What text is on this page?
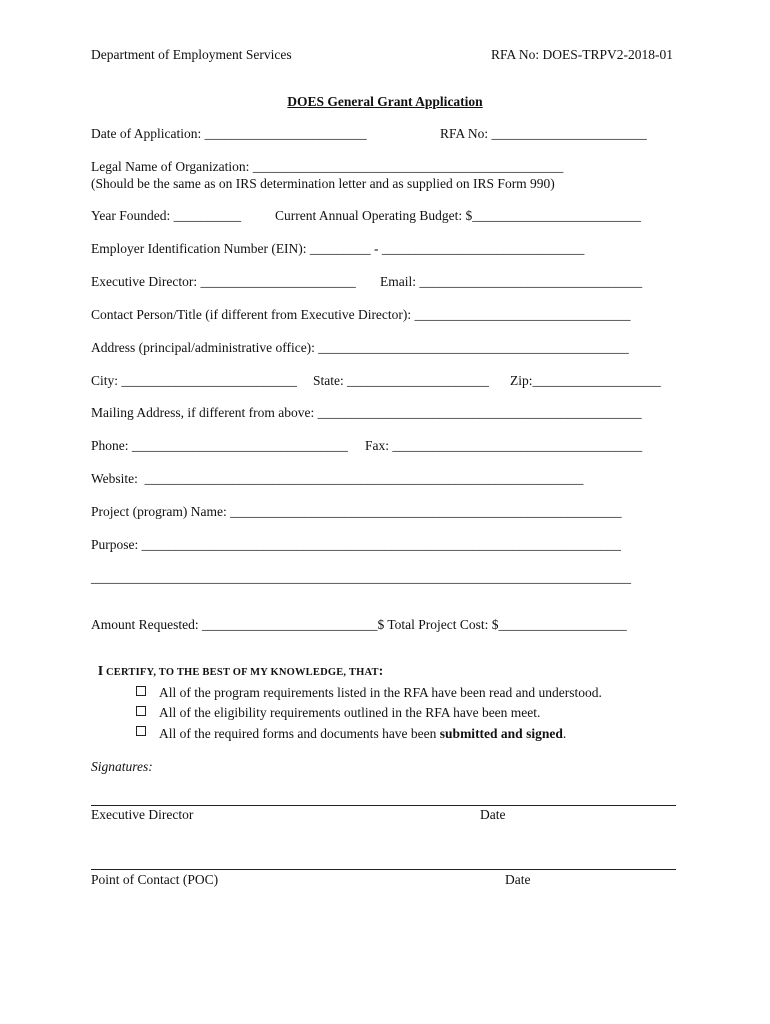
Department of Employment Services	RFA No: DOES-TRPV2-2018-01
DOES General Grant Application
Date of Application: ________________________	RFA No: _______________________
Legal Name of Organization: ______________________________________________
(Should be the same as on IRS determination letter and as supplied on IRS Form 990)
Year Founded: __________	Current Annual Operating Budget: $_________________________
Employer Identification Number (EIN): _________ - ______________________________
Executive Director: _______________________ Email: _________________________________
Contact Person/Title (if different from Executive Director): ________________________________
Address (principal/administrative office): ______________________________________________
City: __________________________ State: _____________________ Zip:___________________
Mailing Address, if different from above: ________________________________________________
Phone: ________________________________ Fax: _____________________________________
Website:  _________________________________________________________________
Project (program) Name: __________________________________________________________
Purpose: _______________________________________________________________________
________________________________________________________________________________
Amount Requested: __________________________$ Total Project Cost: $___________________

I CERTIFY, TO THE BEST OF MY KNOWLEDGE, THAT:

All of the program requirements listed in the RFA have been read and understood.
All of the eligibility requirements outlined in the RFA have been meet.
All of the required forms and documents have been submitted and signed.
Signatures:
Executive Director	Date
Point of Contact (POC)	Date
